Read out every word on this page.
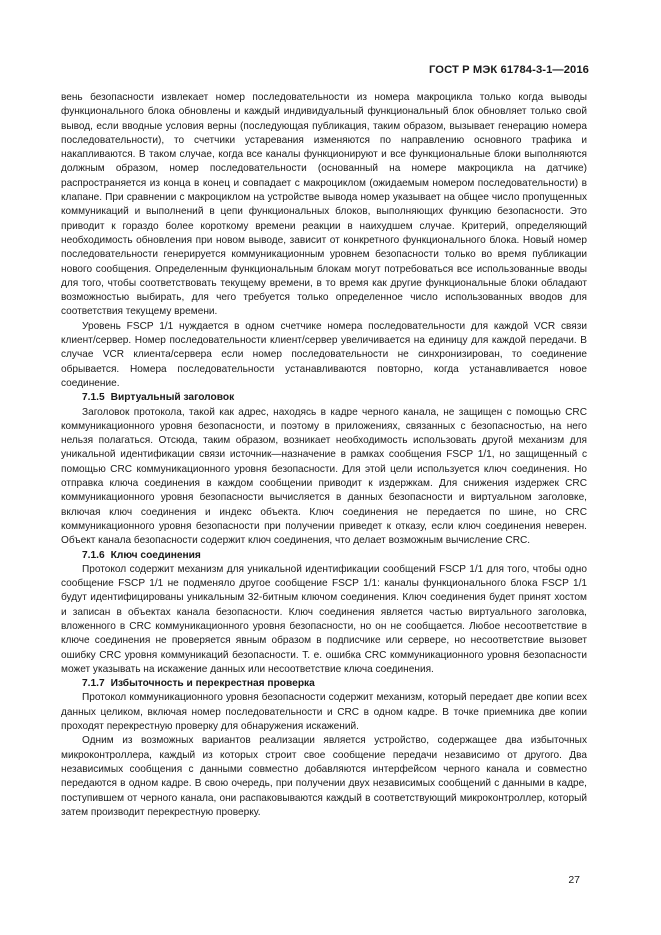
ГОСТ Р МЭК 61784-3-1—2016

вень безопасности извлекает номер последовательности из номера макроцикла только когда выводы функционального блока обновлены и каждый индивидуальный функциональный блок обновляет только свой вывод, если вводные условия верны (последующая публикация, таким образом, вызывает генерацию номера последовательности), то счетчики устаревания изменяются по направлению основного трафика и накапливаются. В таком случае, когда все каналы функционируют и все функциональные блоки выполняются должным образом, номер последовательности (основанный на номере макроцикла на датчике) распространяется из конца в конец и совпадает с макроциклом (ожидаемым номером последовательности) в клапане. При сравнении с макроциклом на устройстве вывода номер указывает на общее число пропущенных коммуникаций и выполнений в цепи функциональных блоков, выполняющих функцию безопасности. Это приводит к гораздо более короткому времени реакции в наихудшем случае. Критерий, определяющий необходимость обновления при новом выводе, зависит от конкретного функционального блока. Новый номер последовательности генерируется коммуникационным уровнем безопасности только во время публикации нового сообщения. Определенным функциональным блокам могут потребоваться все использованные вводы для того, чтобы соответствовать текущему времени, в то время как другие функциональные блоки обладают возможностью выбирать, для чего требуется только определенное число использованных вводов для соответствия текущему времени.

Уровень FSCP 1/1 нуждается в одном счетчике номера последовательности для каждой VCR связи клиент/сервер. Номер последовательности клиент/сервер увеличивается на единицу для каждой передачи. В случае VCR клиента/сервера если номер последовательности не синхронизирован, то соединение обрывается. Номера последовательности устанавливаются повторно, когда устанавливается новое соединение.

7.1.5 Виртуальный заголовок

Заголовок протокола, такой как адрес, находясь в кадре черного канала, не защищен с помощью CRC коммуникационного уровня безопасности, и поэтому в приложениях, связанных с безопасностью, на него нельзя полагаться. Отсюда, таким образом, возникает необходимость использовать другой механизм для уникальной идентификации связи источник—назначение в рамках сообщения FSCP 1/1, но защищенный с помощью CRC коммуникационного уровня безопасности. Для этой цели используется ключ соединения. Но отправка ключа соединения в каждом сообщении приводит к издержкам. Для снижения издержек CRC коммуникационного уровня безопасности вычисляется в данных безопасности и виртуальном заголовке, включая ключ соединения и индекс объекта. Ключ соединения не передается по шине, но CRC коммуникационного уровня безопасности при получении приведет к отказу, если ключ соединения неверен. Объект канала безопасности содержит ключ соединения, что делает возможным вычисление CRC.

7.1.6 Ключ соединения

Протокол содержит механизм для уникальной идентификации сообщений FSCP 1/1 для того, чтобы одно сообщение FSCP 1/1 не подменяло другое сообщение FSCP 1/1: каналы функционального блока FSCP 1/1 будут идентифицированы уникальным 32-битным ключом соединения. Ключ соединения будет принят хостом и записан в объектах канала безопасности. Ключ соединения является частью виртуального заголовка, вложенного в CRC коммуникационного уровня безопасности, но он не сообщается. Любое несоответствие в ключе соединения не проверяется явным образом в подписчике или сервере, но несоответствие вызовет ошибку CRC уровня коммуникаций безопасности. Т. е. ошибка CRC коммуникационного уровня безопасности может указывать на искажение данных или несоответствие ключа соединения.

7.1.7 Избыточность и перекрестная проверка

Протокол коммуникационного уровня безопасности содержит механизм, который передает две копии всех данных целиком, включая номер последовательности и CRC в одном кадре. В точке приемника две копии проходят перекрестную проверку для обнаружения искажений.

Одним из возможных вариантов реализации является устройство, содержащее два избыточных микроконтроллера, каждый из которых строит свое сообщение передачи независимо от другого. Два независимых сообщения с данными совместно добавляются интерфейсом черного канала и совместно передаются в одном кадре. В свою очередь, при получении двух независимых сообщений с данными в кадре, поступившем от черного канала, они распаковываются каждый в соответствующий микроконтроллер, который затем производит перекрестную проверку.

27
